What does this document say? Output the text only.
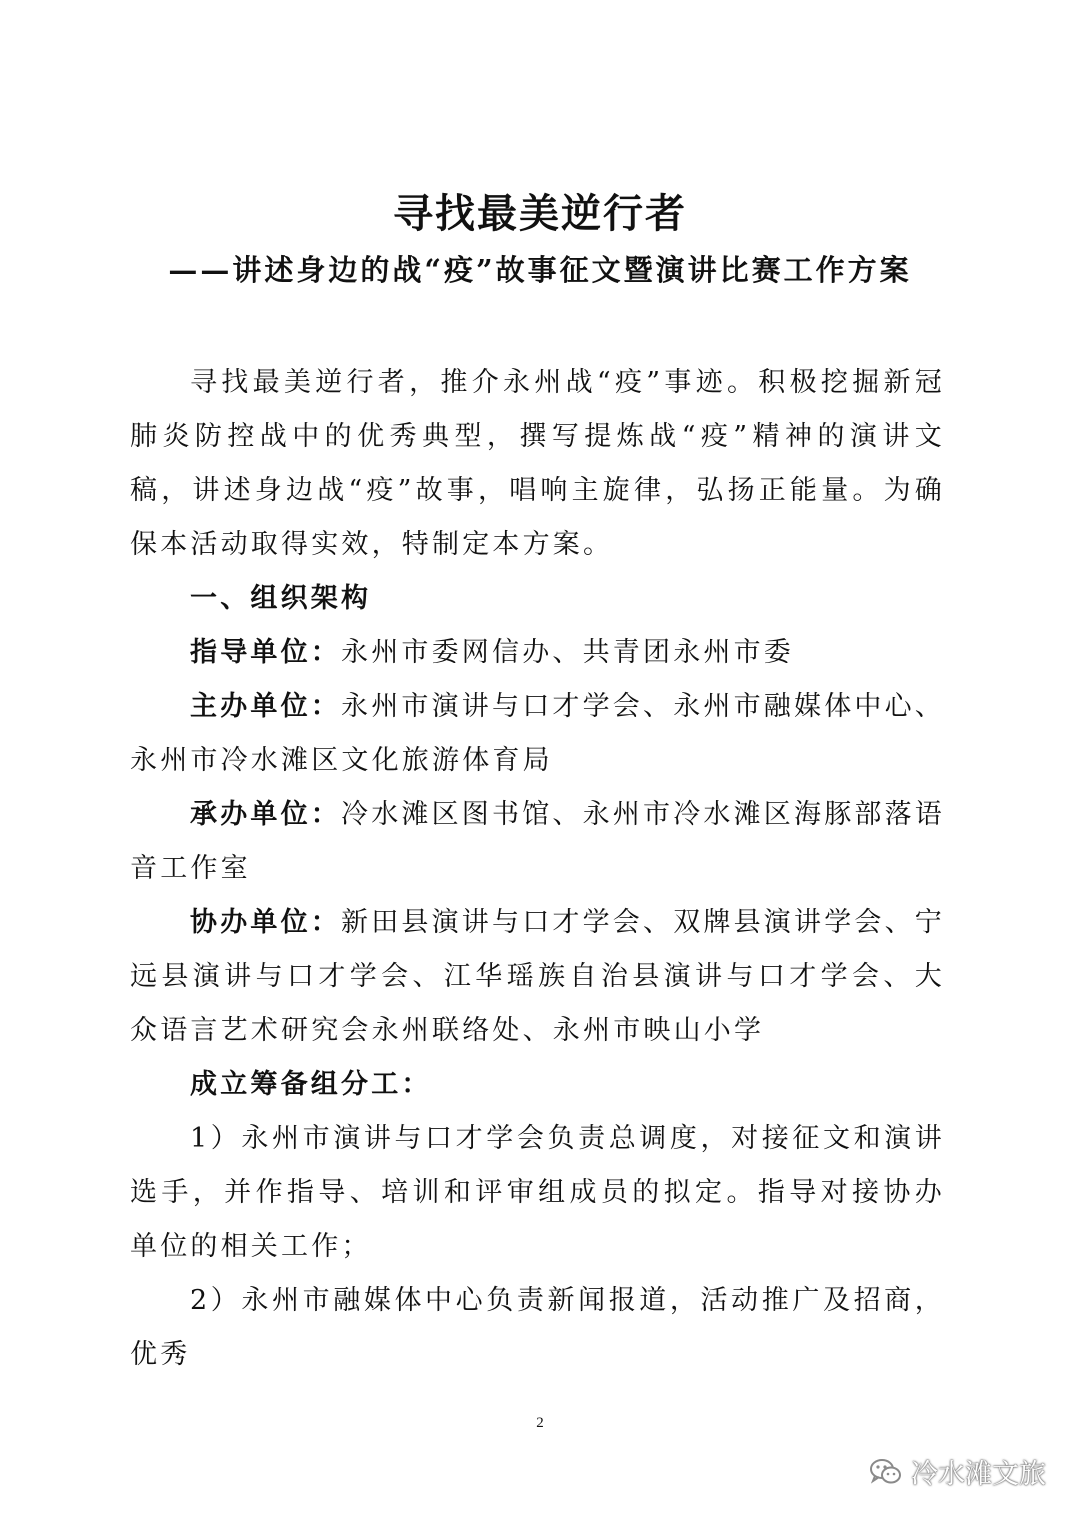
寻找最美逆行者
——讲述身边的战“疫”故事征文暨演讲比赛工作方案

寻找最美逆行者，推介永州战“疫”事迹。积极挖掘新冠肺炎防控战中的优秀典型，撰写提炼战“疫”精神的演讲文稿，讲述身边战“疫”故事，唱响主旋律，弘扬正能量。为确保本活动取得实效，特制定本方案。

一、组织架构

指导单位：永州市委网信办、共青团永州市委

主办单位：永州市演讲与口才学会、永州市融媒体中心、永州市冷水滩区文化旅游体育局

承办单位：冷水滩区图书馆、永州市冷水滩区海豚部落语音工作室

协办单位：新田县演讲与口才学会、双牌县演讲学会、宁远县演讲与口才学会、江华瑶族自治县演讲与口才学会、大众语言艺术研究会永州联络处、永州市映山小学

成立筹备组分工：

1）永州市演讲与口才学会负责总调度，对接征文和演讲选手，并作指导、培训和评审组成员的拟定。指导对接协办单位的相关工作；

2）永州市融媒体中心负责新闻报道，活动推广及招商，优秀

2
冷水滩文旅
